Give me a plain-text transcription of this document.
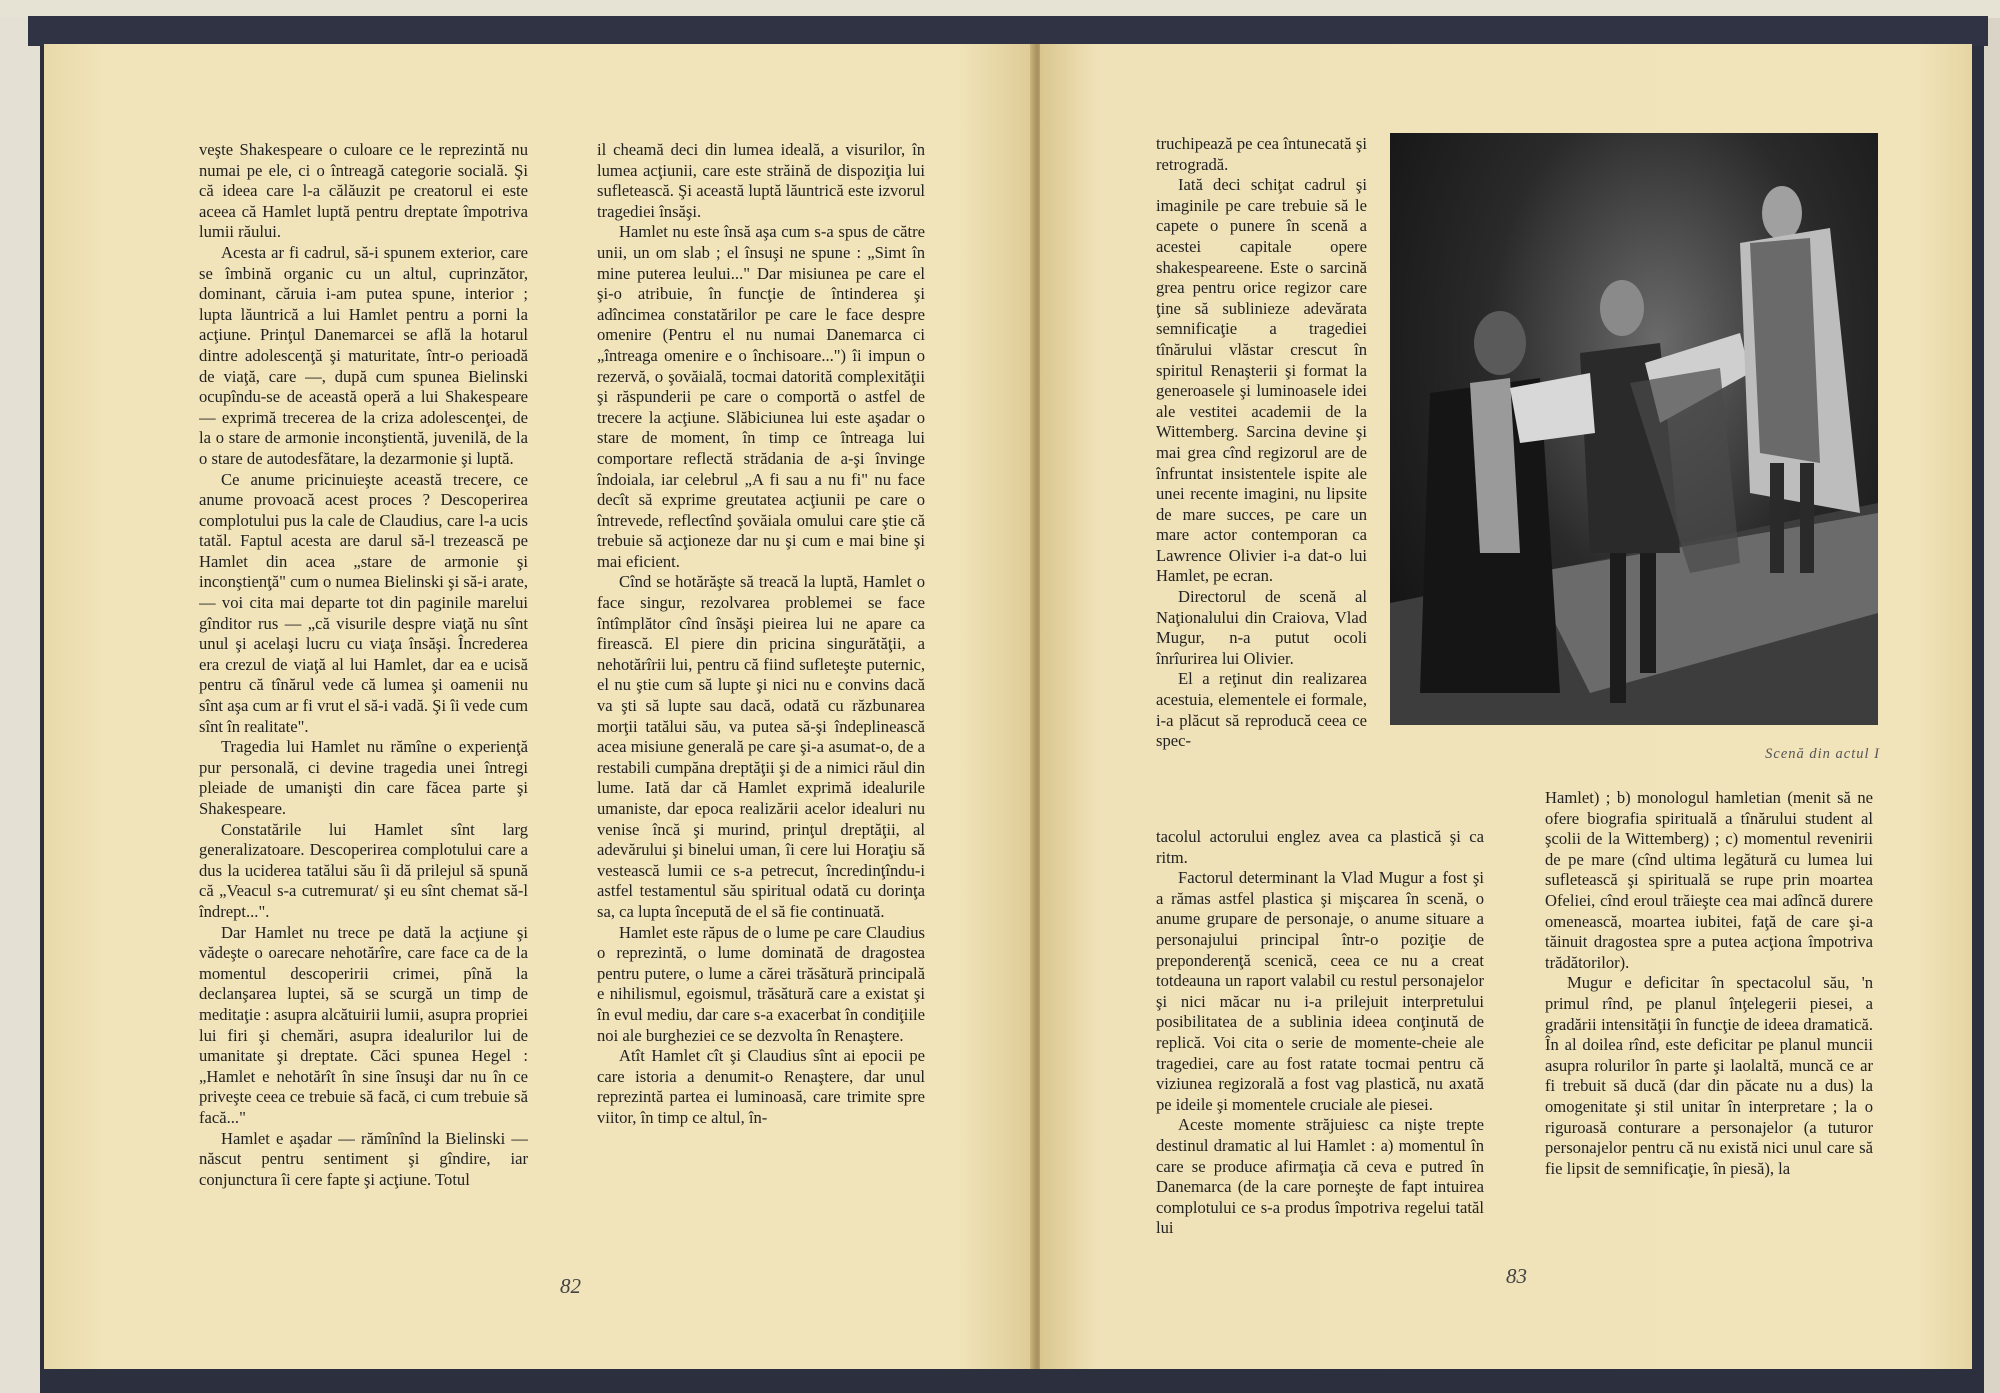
veşte Shakespeare o culoare ce le reprezintă nu numai pe ele, ci o întreagă categorie socială. Şi că ideea care l-a călăuzit pe creatorul ei este aceea că Hamlet luptă pentru dreptate împotriva lumii răului.

Acesta ar fi cadrul, să-i spunem exterior, care se îmbină organic cu un altul, cuprinzător, dominant, căruia i-am putea spune, interior ; lupta lăuntrică a lui Hamlet pentru a porni la acţiune. Prinţul Danemarcei se află la hotarul dintre adolescenţă şi maturitate, într-o perioadă de viaţă, care —, după cum spunea Bielinski ocupîndu-se de această operă a lui Shakespeare — exprimă trecerea de la criza adolescenţei, de la o stare de armonie inconştientă, juvenilă, de la o stare de autodesfătare, la dezarmonie şi luptă.

Ce anume pricinuieşte această trecere, ce anume provoacă acest proces ? Descoperirea complotului pus la cale de Claudius, care l-a ucis tatăl. Faptul acesta are darul să-l trezească pe Hamlet din acea „stare de armonie şi inconştienţă" cum o numea Bielinski şi să-i arate, — voi cita mai departe tot din paginile marelui gînditor rus — „că visurile despre viaţă nu sînt unul şi acelaşi lucru cu viaţa însăşi. Încrederea era crezul de viaţă al lui Hamlet, dar ea e ucisă pentru că tînărul vede că lumea şi oamenii nu sînt aşa cum ar fi vrut el să-i vadă. Şi îi vede cum sînt în realitate".

Tragedia lui Hamlet nu rămîne o experienţă pur personală, ci devine tragedia unei întregi pleiade de umanişti din care făcea parte şi Shakespeare.

Constatările lui Hamlet sînt larg generalizatoare. Descoperirea complotului care a dus la uciderea tatălui său îi dă prilejul să spună că „Veacul s-a cutremurat/ şi eu sînt chemat să-l îndrept...".

Dar Hamlet nu trece pe dată la acţiune şi vădeşte o oarecare nehotărîre, care face ca de la momentul descoperirii crimei, pînă la declanşarea luptei, să se scurgă un timp de meditaţie : asupra alcătuirii lumii, asupra propriei lui firi şi chemări, asupra idealurilor lui de umanitate şi dreptate. Căci spunea Hegel : „Hamlet e nehotărît în sine însuşi dar nu în ce priveşte ceea ce trebuie să facă, ci cum trebuie să facă..."

Hamlet e aşadar — rămînînd la Bielinski — născut pentru sentiment şi gîndire, iar conjunctura îi cere fapte şi acţiune. Totul

il cheamă deci din lumea ideală, a visurilor, în lumea acţiunii, care este străină de dispoziţia lui sufletească. Şi această luptă lăuntrică este izvorul tragediei însăşi.

Hamlet nu este însă aşa cum s-a spus de către unii, un om slab ; el însuşi ne spune : „Simt în mine puterea leului..." Dar misiunea pe care el şi-o atribuie, în funcţie de întinderea şi adîncimea constatărilor pe care le face despre omenire (Pentru el nu numai Danemarca ci „întreaga omenire e o închisoare...") îi impun o rezervă, o şovăială, tocmai datorită complexităţii şi răspunderii pe care o comportă o astfel de trecere la acţiune. Slăbiciunea lui este aşadar o stare de moment, în timp ce întreaga lui comportare reflectă strădania de a-şi învinge îndoiala, iar celebrul „A fi sau a nu fi" nu face decît să exprime greutatea acţiunii pe care o întrevede, reflectînd şovăiala omului care ştie că trebuie să acţioneze dar nu şi cum e mai bine şi mai eficient.

Cînd se hotărăşte să treacă la luptă, Hamlet o face singur, rezolvarea problemei se face întîmplător cînd însăşi pieirea lui ne apare ca firească. El piere din pricina singurătăţii, a nehotărîrii lui, pentru că fiind sufleteşte puternic, el nu ştie cum să lupte şi nici nu e convins dacă va şti să lupte sau dacă, odată cu răzbunarea morţii tatălui său, va putea să-şi îndeplinească acea misiune generală pe care şi-a asumat-o, de a restabili cumpăna dreptăţii şi de a nimici răul din lume. Iată dar că Hamlet exprimă idealurile umaniste, dar epoca realizării acelor idealuri nu venise încă şi murind, prinţul dreptăţii, al adevărului şi binelui uman, îi cere lui Horaţiu să vestească lumii ce s-a petrecut, încredinţîndu-i astfel testamentul său spiritual odată cu dorinţa sa, ca lupta începută de el să fie continuată.

Hamlet este răpus de o lume pe care Claudius o reprezintă, o lume dominată de dragostea pentru putere, o lume a cărei trăsătură principală e nihilismul, egoismul, trăsătură care a existat şi în evul mediu, dar care s-a exacerbat în condiţiile noi ale burgheziei ce se dezvolta în Renaştere.

Atît Hamlet cît şi Claudius sînt ai epocii pe care istoria a denumit-o Renaştere, dar unul reprezintă partea ei luminoasă, care trimite spre viitor, în timp ce altul, în-

82

truchipează pe cea întunecată şi retrogradă.

Iată deci schiţat cadrul şi imaginile pe care trebuie să le capete o punere în scenă a acestei capitale opere shakespeareene. Este o sarcină grea pentru orice regizor care ţine să sublinieze adevărata semnificaţie a tragediei tînărului vlăstar crescut în spiritul Renaşterii şi format la generoasele şi luminoasele idei ale vestitei academii de la Wittemberg. Sarcina devine şi mai grea cînd regizorul are de înfruntat insistentele ispite ale unei recente imagini, nu lipsite de mare succes, pe care un mare actor contemporan ca Lawrence Olivier i-a dat-o lui Hamlet, pe ecran.

Directorul de scenă al Naţionalului din Craiova, Vlad Mugur, n-a putut ocoli înrîurirea lui Olivier.

El a reţinut din realizarea acestuia, elementele ei formale, i-a plăcut să reproducă ceea ce spec-

tacolul actorului englez avea ca plastică şi ca ritm.

Factorul determinant la Vlad Mugur a fost şi a rămas astfel plastica şi mişcarea în scenă, o anume grupare de personaje, o anume situare a personajului principal într-o poziţie de preponderenţă scenică, ceea ce nu a creat totdeauna un raport valabil cu restul personajelor şi nici măcar nu i-a prilejuit interpretului posibilitatea de a sublinia ideea conţinută de replică. Voi cita o serie de momente-cheie ale tragediei, care au fost ratate tocmai pentru că viziunea regizorală a fost vag plastică, nu axată pe ideile şi momentele cruciale ale piesei.

Aceste momente străjuiesc ca nişte trepte destinul dramatic al lui Hamlet : a) momentul în care se produce afirmaţia că ceva e putred în Danemarca (de la care porneşte de fapt intuirea complotului ce s-a produs împotriva regelui tatăl lui

Hamlet) ; b) monologul hamletian (menit să ne ofere biografia spirituală a tînărului student al şcolii de la Wittemberg) ; c) momentul revenirii de pe mare (cînd ultima legătură cu lumea lui sufletească şi spirituală se rupe prin moartea Ofeliei, cînd eroul trăieşte cea mai adîncă durere omenească, moartea iubitei, faţă de care şi-a tăinuit dragostea spre a putea acţiona împotriva trădătorilor).

Mugur e deficitar în spectacolul său, 'n primul rînd, pe planul înţelegerii piesei, a gradării intensităţii în funcţie de ideea dramatică. În al doilea rînd, este deficitar pe planul muncii asupra rolurilor în parte şi laolaltă, muncă ce ar fi trebuit să ducă (dar din păcate nu a dus) la omogenitate şi stil unitar în interpretare ; la o riguroasă conturare a personajelor (a tuturor personajelor pentru că nu există nici unul care să fie lipsit de semnificaţie, în piesă), la

83
Scenă din actul I
